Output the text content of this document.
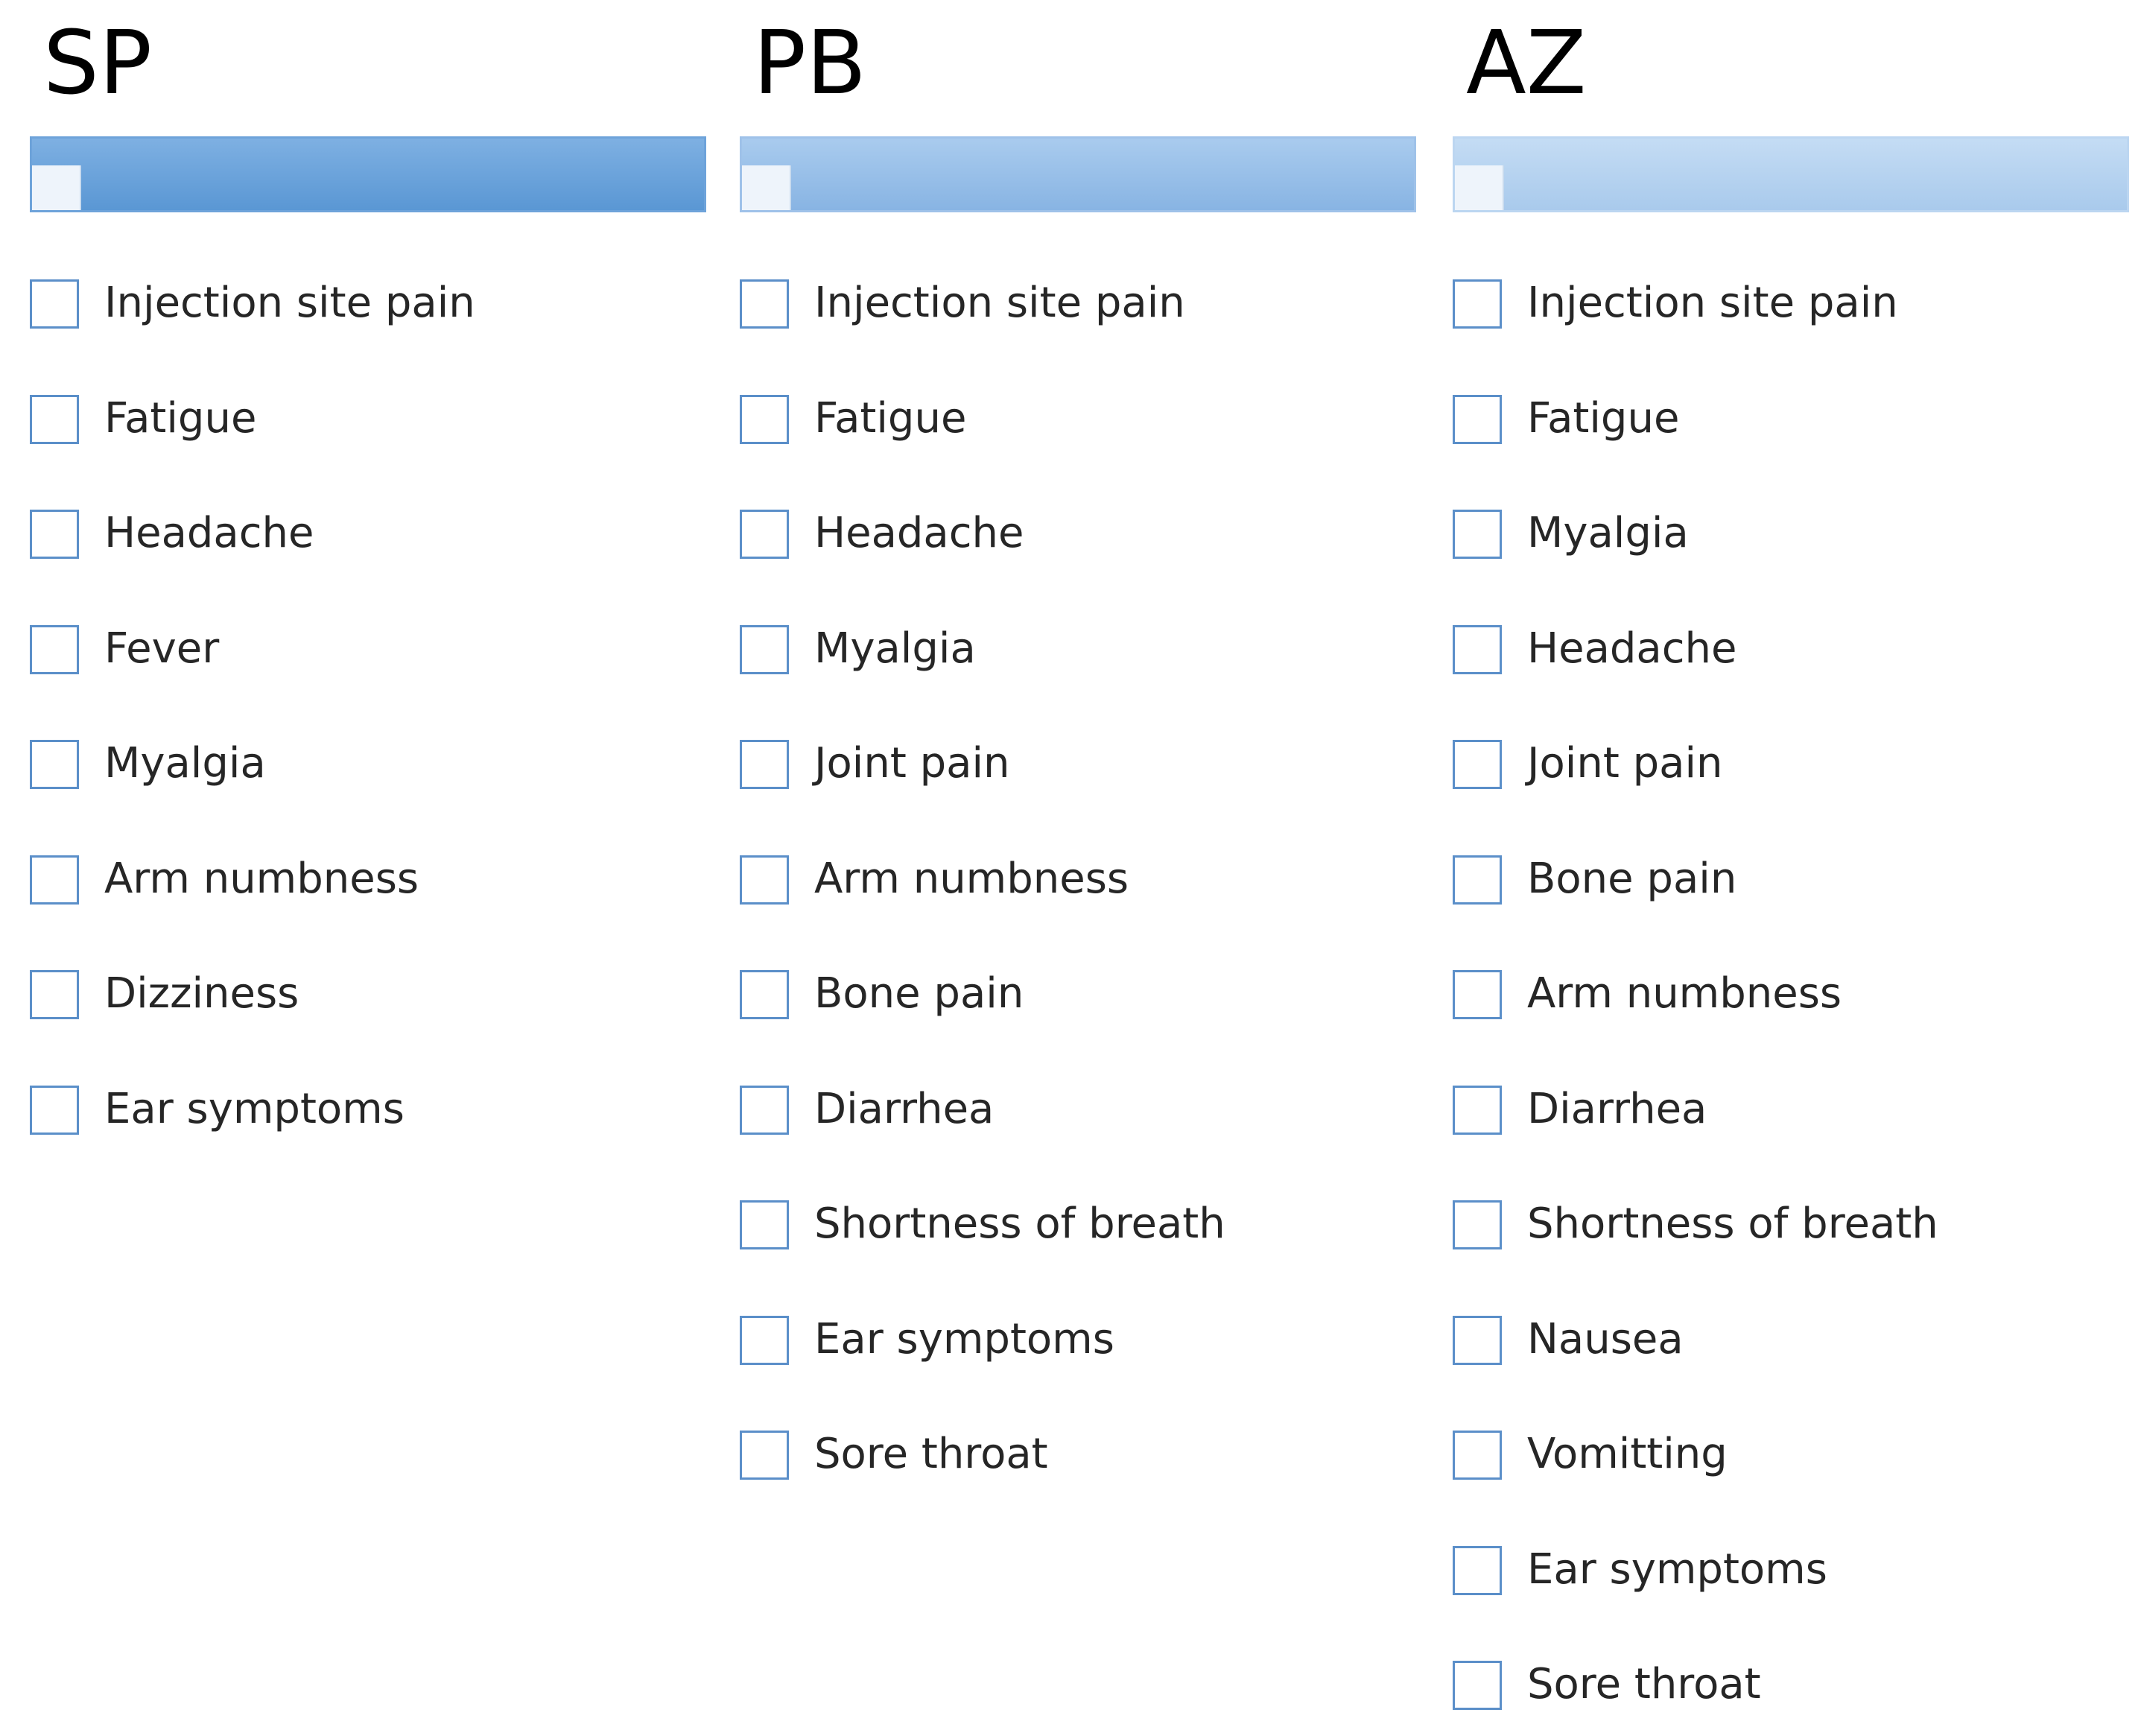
SP
Injection site pain
Fatigue
Headache
Fever
Myalgia
Arm numbness
Dizziness
Ear symptoms
PB
Injection site pain
Fatigue
Headache
Myalgia
Joint pain
Arm numbness
Bone pain
Diarrhea
Shortness of breath
Ear symptoms
Sore throat
AZ
Injection site pain
Fatigue
Myalgia
Headache
Joint pain
Bone pain
Arm numbness
Diarrhea
Shortness of breath
Nausea
Vomitting
Ear symptoms
Sore throat
